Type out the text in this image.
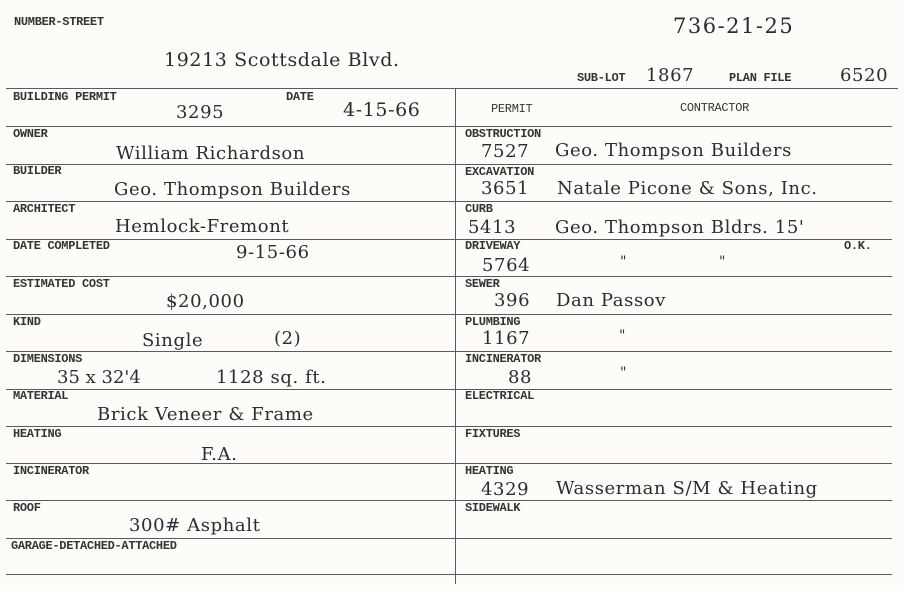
NUMBER-STREET	736-21-25
19213 Scottsdale Blvd.
SUB-LOT 1867	PLAN FILE	6520
BUILDING PERMIT
3295
DATE
4-15-66
OWNER
William Richardson
BUILDER
Geo. Thompson Builders
ARCHITECT
Hemlock-Fremont
DATE COMPLETED	9-15-66
ESTIMATED COST
$20,000
KIND
Single	(2)
DIMENSIONS
35 x 32'4	1128 sq. ft.
MATERIAL
Brick Veneer & Frame
HEATING
F.A.
INCINERATOR
ROOF
300# Asphalt
GARAGE-DETACHED-ATTACHED
PERMIT	CONTRACTOR
OBSTRUCTION
7527 Geo. Thompson Builders
EXCAVATION
3651 Natale Picone & Sons, Inc.
CURB
5413 Geo. Thompson Bldrs. 15'
O.K.
DRIVEWAY
5764	"	"
SEWER
396 Dan Passov
PLUMBING
1167	"
INCINERATOR
88	"
ELECTRICAL
FIXTURES
HEATING
4329 Wasserman S/M & Heating
SIDEWALK
